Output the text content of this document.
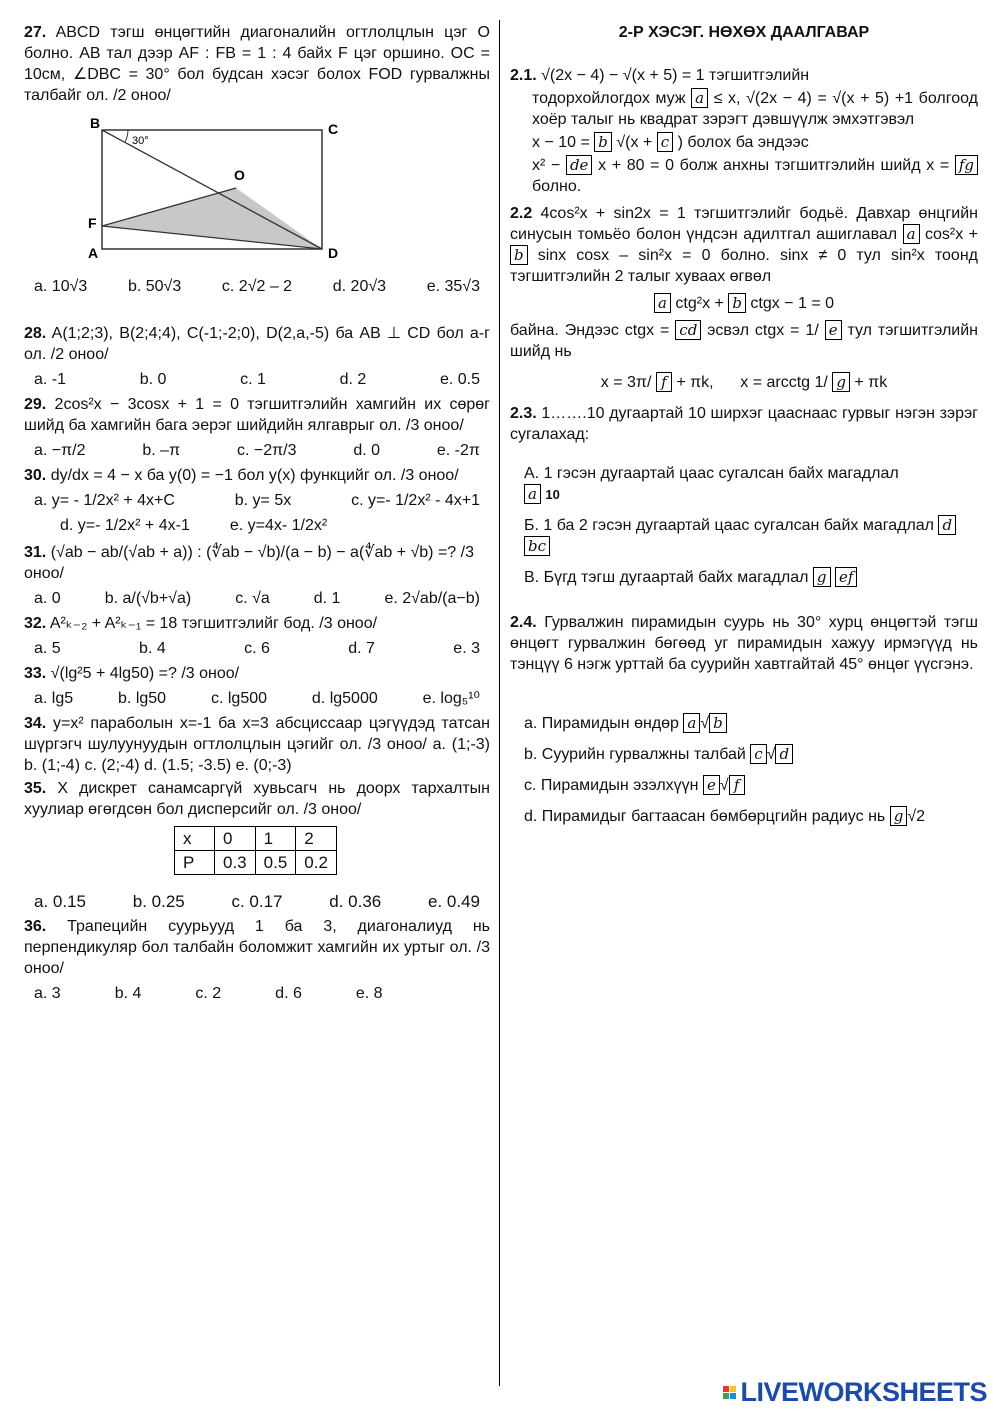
27. ABCD тэгш өнцөгтийн диагоналийн огтлолцлын цэг О болно. AB тал дээр AF : FB = 1 : 4 байх F цэг оршино. OC = 10см, ∠DBC = 30° бол будсан хэсэг болох FOD гурвалжны талбайг ол. /2 оноо/
B	C
O
F
A	D
30°
a. 10√3	b. 50√3	c. 2√2 – 2	d. 20√3	e. 35√3
28. A(1;2;3), B(2;4;4), C(-1;-2;0), D(2,a,-5) ба AB ⊥ CD бол а-г ол. /2 оноо/
a. -1	b. 0	c. 1	d. 2	e. 0.5
29. 2cos²x − 3cosx + 1 = 0 тэгшитгэлийн хамгийн их сөрөг шийд ба хамгийн бага эерэг шийдийн ялгаврыг ол. /3 оноо/
a. −π/2	b. –π	c. −2π/3	d. 0	e. -2π
30. dy/dx = 4 − x ба y(0) = −1 бол y(x) функцийг ол. /3 оноо/
a. y= - 1/2x² + 4x+C	b. y= 5x	c. y=- 1/2x² - 4x+1
d. y=- 1/2x² + 4x-1	e. y=4x- 1/2x²
31. (√ab − ab/(√ab + a)) : (∜ab − √b)/(a − b) − a(∜ab + √b) =? /3 оноо/
a. 0	b. a/(√b+√a)	c. √a	d. 1	e. 2√ab/(a−b)
32. A²ₖ₋₂ + A²ₖ₋₁ = 18 тэгшитгэлийг бод. /3 оноо/
a. 5	b. 4	c. 6	d. 7	e. 3
33. √(lg²5 + 4lg50) =? /3 оноо/
a. lg5	b. lg50	c. lg500	d. lg5000	e. log₅¹⁰
34. y=x² параболын x=-1 ба x=3 абсциссаар цэгүүдэд татсан шүргэгч шулуунуудын огтлолцлын цэгийг ол. /3 оноо/ a. (1;-3) b. (1;-4) c. (2;-4) d. (1.5; -3.5) e. (0;-3)
35. X дискрет санамсаргүй хувьсагч нь доорх тархалтын хуулиар өгөгдсөн бол дисперсийг ол. /3 оноо/
x	0	1	2
P	0.3	0.5	0.2
a. 0.15	b. 0.25	c. 0.17	d. 0.36	e. 0.49
36. Трапецийн суурьууд 1 ба 3, диагоналиуд нь перпендикуляр бол талбайн боломжит хамгийн их уртыг ол. /3 оноо/
a. 3	b. 4	c. 2	d. 6	e. 8
2-Р ХЭСЭГ. НӨХӨХ ДААЛГАВАР
2.1. √(2x − 4) − √(x + 5) = 1 тэгшитгэлийн
тодорхойлогдох муж a ≤ x, √(2x − 4) = √(x + 5) +1 болгоод хоёр талыг нь квадрат зэрэгт дэвшүүлж эмхэтгэвэл
x − 10 = b √(x + c ) болох ба эндээс
x² − de x + 80 = 0 болж анхны тэгшитгэлийн шийд x = fg болно.
2.2 4cos²x + sin2x = 1 тэгшитгэлийг бодьё. Давхар өнцгийн синусын томьёо болон үндсэн адилтгал ашиглавал a cos²x + b sinx cosx – sin²x = 0 болно. sinx ≠ 0 тул sin²x тоонд тэгшитгэлийн 2 талыг хуваах өгвөл
a ctg²x + b ctgx − 1 = 0
байна. Эндээс ctgx = cd эсвэл ctgx = 1/ e тул тэгшитгэлийн шийд нь
x = 3π/ f + πk, x = arcctg 1/ g + πk
2.3. 1…….10 дугаартай 10 ширхэг цааснаас гурвыг нэгэн зэрэг сугалахад:
A. 1 гэсэн дугаартай цаас сугалсан байх магадлал
a 10
Б. 1 ба 2 гэсэн дугаартай цаас сугалсан байх магадлал d bc
В. Бүгд тэгш дугаартай байх магадлал g ef
2.4. Гурвалжин пирамидын суурь нь 30° хурц өнцөгтэй тэгш өнцөгт гурвалжин бөгөөд уг пирамидын хажуу ирмэгүүд нь тэнцүү 6 нэгж урттай ба суурийн хавтгайтай 45° өнцөг үүсгэнэ.
a. Пирамидын өндөр a √ b
b. Суурийн гурвалжны талбай c √ d
c. Пирамидын эзэлхүүн e √ f
d. Пирамидыг багтаасан бөмбөрцгийн радиус нь g √2
LIVEWORKSHEETS
